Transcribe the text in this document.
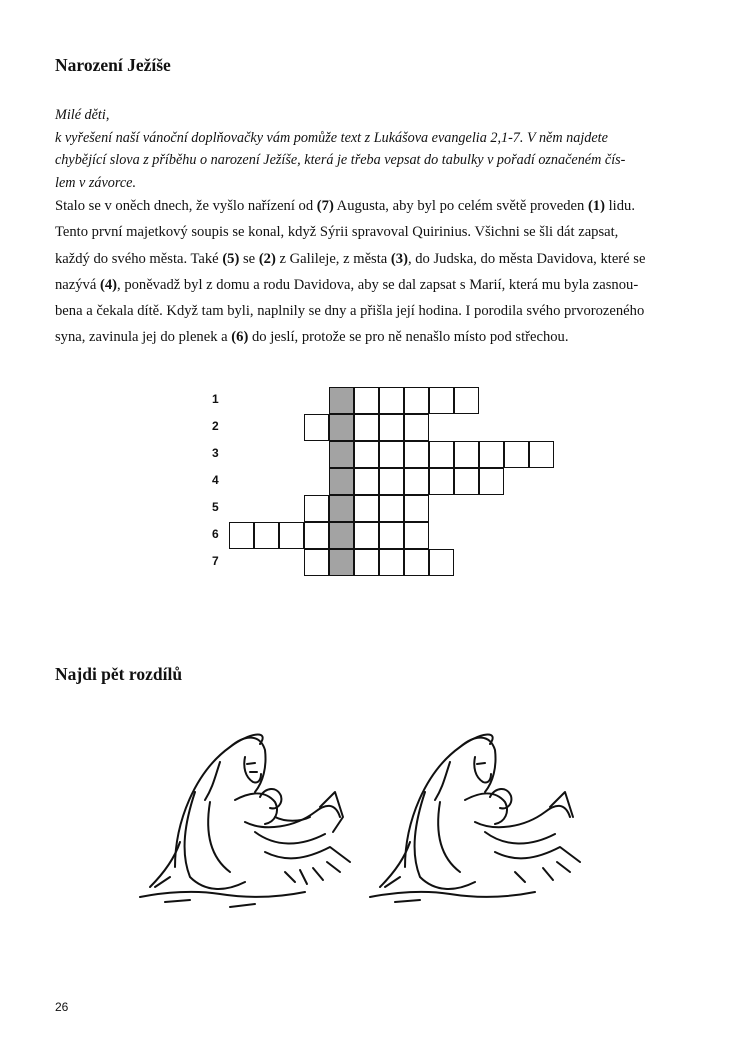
Narození Ježíše
Milé děti,
k vyřešení naší vánoční doplňovačky vám pomůže text z Lukášova evangelia 2,1-7. V něm najdete
chybějící slova z příběhu o narození Ježíše, která je třeba vepsat do tabulky v pořadí označeném čís-
lem v závorce.
Stalo se v oněch dnech, že vyšlo nařízení od (7) Augusta, aby byl po celém světě proveden (1) lidu.
Tento první majetkový soupis se konal, když Sýrii spravoval Quirinius. Všichni se šli dát zapsat,
každý do svého města. Také (5) se (2) z Galileje, z města (3), do Judska, do města Davidova, které se
nazývá (4), poněvadž byl z domu a rodu Davidova, aby se dal zapsat s Marií, která mu byla zasnou-
bena a čekala dítě. Když tam byli, naplnily se dny a přišla její hodina. I porodila svého prvorozeného
syna, zavinula jej do plenek a (6) do jeslí, protože se pro ně nenašlo místo pod střechou.
1
2
3
4
5
6
7
Najdi pět rozdílů
26
